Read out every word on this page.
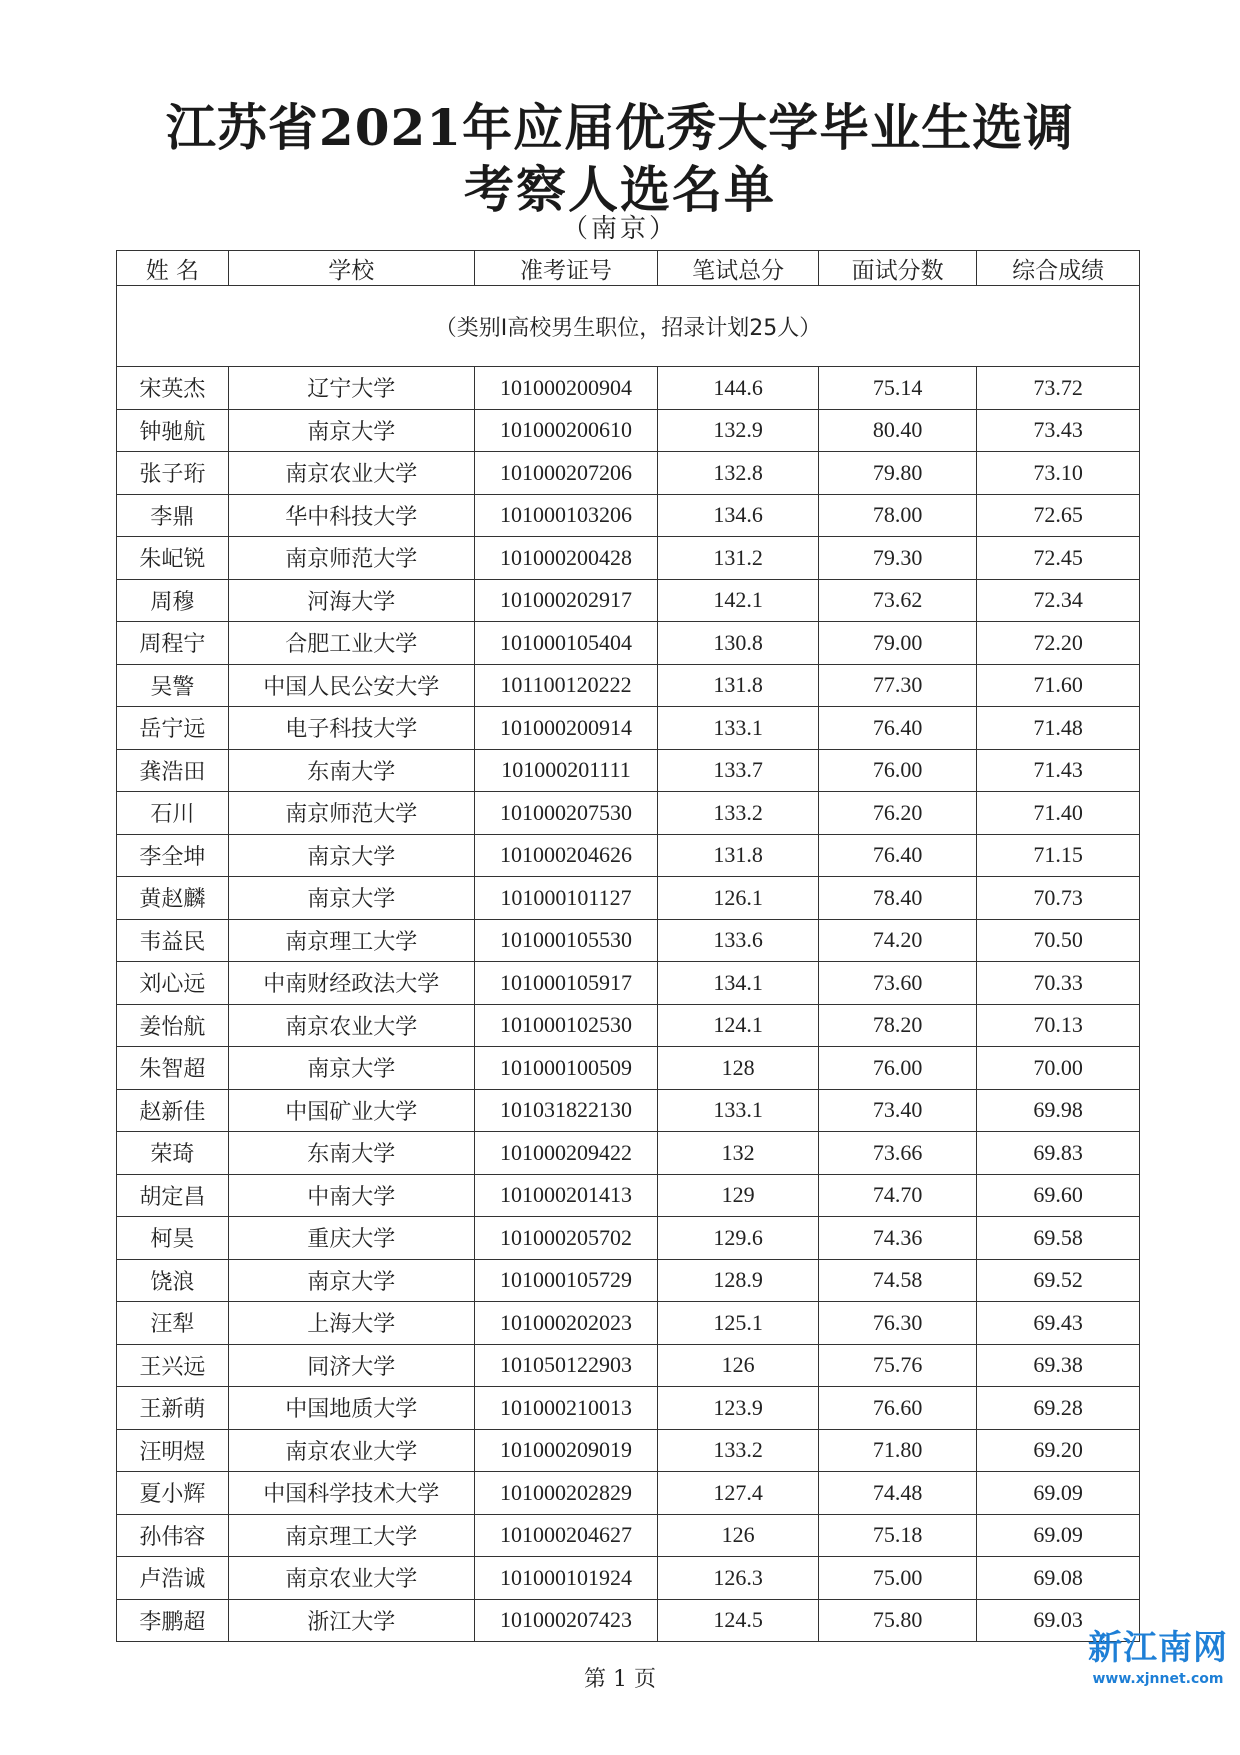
江苏省2021年应届优秀大学毕业生选调
考察人选名单
（南京）
姓 名	学校	准考证号	笔试总分	面试分数	综合成绩
（类别Ⅰ高校男生职位，招录计划25人）					
宋英杰	辽宁大学	101000200904	144.6	75.14	73.72
钟驰航	南京大学	101000200610	132.9	80.40	73.43
张子珩	南京农业大学	101000207206	132.8	79.80	73.10
李鼎	华中科技大学	101000103206	134.6	78.00	72.65
朱屺锐	南京师范大学	101000200428	131.2	79.30	72.45
周穆	河海大学	101000202917	142.1	73.62	72.34
周程宁	合肥工业大学	101000105404	130.8	79.00	72.20
吴警	中国人民公安大学	101100120222	131.8	77.30	71.60
岳宁远	电子科技大学	101000200914	133.1	76.40	71.48
龚浩田	东南大学	101000201111	133.7	76.00	71.43
石川	南京师范大学	101000207530	133.2	76.20	71.40
李全坤	南京大学	101000204626	131.8	76.40	71.15
黄赵麟	南京大学	101000101127	126.1	78.40	70.73
韦益民	南京理工大学	101000105530	133.6	74.20	70.50
刘心远	中南财经政法大学	101000105917	134.1	73.60	70.33
姜怡航	南京农业大学	101000102530	124.1	78.20	70.13
朱智超	南京大学	101000100509	128	76.00	70.00
赵新佳	中国矿业大学	101031822130	133.1	73.40	69.98
荣琦	东南大学	101000209422	132	73.66	69.83
胡定昌	中南大学	101000201413	129	74.70	69.60
柯昊	重庆大学	101000205702	129.6	74.36	69.58
饶浪	南京大学	101000105729	128.9	74.58	69.52
汪犁	上海大学	101000202023	125.1	76.30	69.43
王兴远	同济大学	101050122903	126	75.76	69.38
王新萌	中国地质大学	101000210013	123.9	76.60	69.28
汪明煜	南京农业大学	101000209019	133.2	71.80	69.20
夏小辉	中国科学技术大学	101000202829	127.4	74.48	69.09
孙伟容	南京理工大学	101000204627	126	75.18	69.09
卢浩诚	南京农业大学	101000101924	126.3	75.00	69.08
李鹏超	浙江大学	101000207423	124.5	75.80	69.03
第 1 页
新江南网
www.xjnnet.com
